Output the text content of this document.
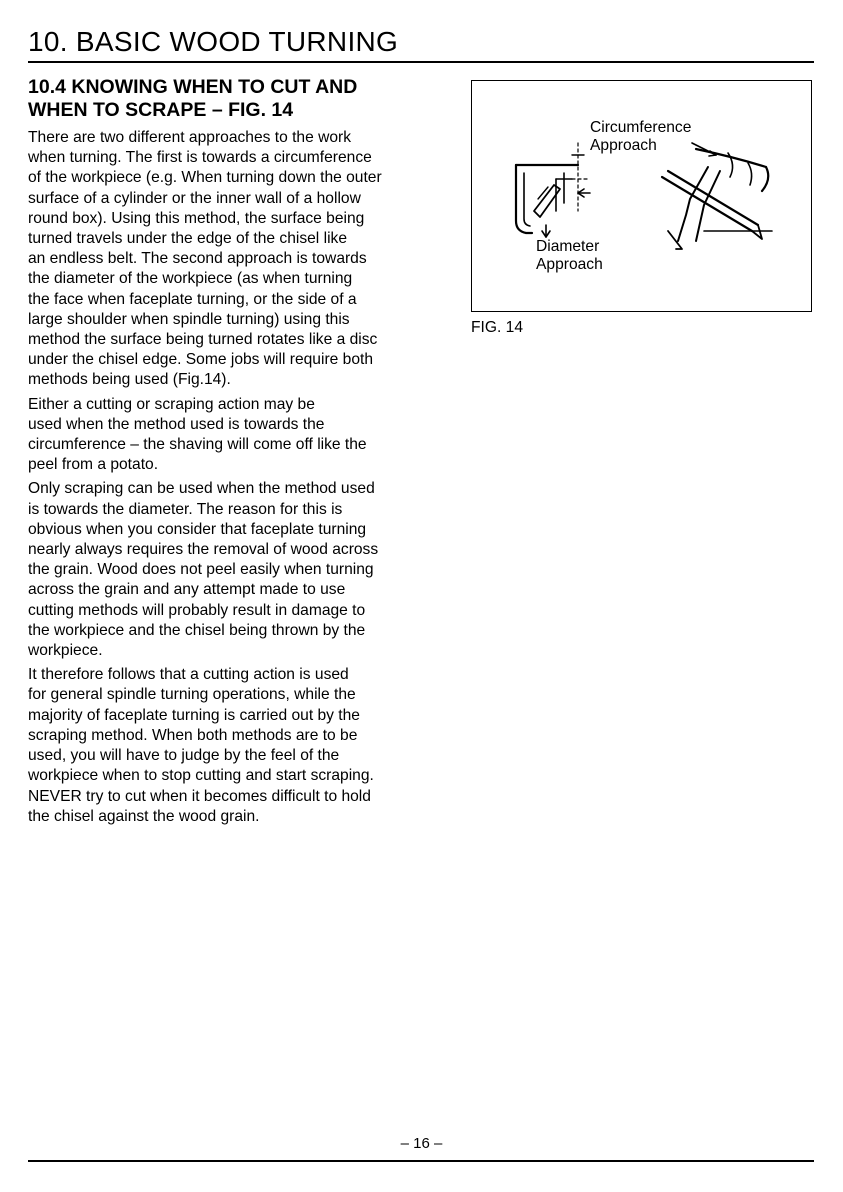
10. BASIC WOOD TURNING
10.4 KNOWING WHEN TO CUT AND
WHEN TO SCRAPE – FIG. 14
There are two different approaches to the work
when turning. The first is towards a circumference
of the workpiece (e.g. When turning down the outer
surface of a cylinder or the inner wall of a hollow
round box). Using this method, the surface being
turned travels under the edge of the chisel like
an endless belt. The second approach is towards
the diameter of the workpiece (as when turning
the face when faceplate turning, or the side of a
large shoulder when spindle turning) using this
method the surface being turned rotates like a disc
under the chisel edge. Some jobs will require both
methods being used (Fig.14).
Either a cutting or scraping action may be
used when the method used is towards the
circumference – the shaving will come off like the
peel from a potato.
Only scraping can be used when the method used
is towards the diameter. The reason for this is
obvious when you consider that faceplate turning
nearly always requires the removal of wood across
the grain. Wood does not peel easily when turning
across the grain and any attempt made to use
cutting methods will probably result in damage to
the workpiece and the chisel being thrown by the
workpiece.
It therefore follows that a cutting action is used
for general spindle turning operations, while the
majority of faceplate turning is carried out by the
scraping method. When both methods are to be
used, you will have to judge by the feel of the
workpiece when to stop cutting and start scraping.
NEVER try to cut when it becomes difficult to hold
the chisel against the wood grain.
Circumference
Approach
Diameter
Approach
FIG. 14
– 16 –
